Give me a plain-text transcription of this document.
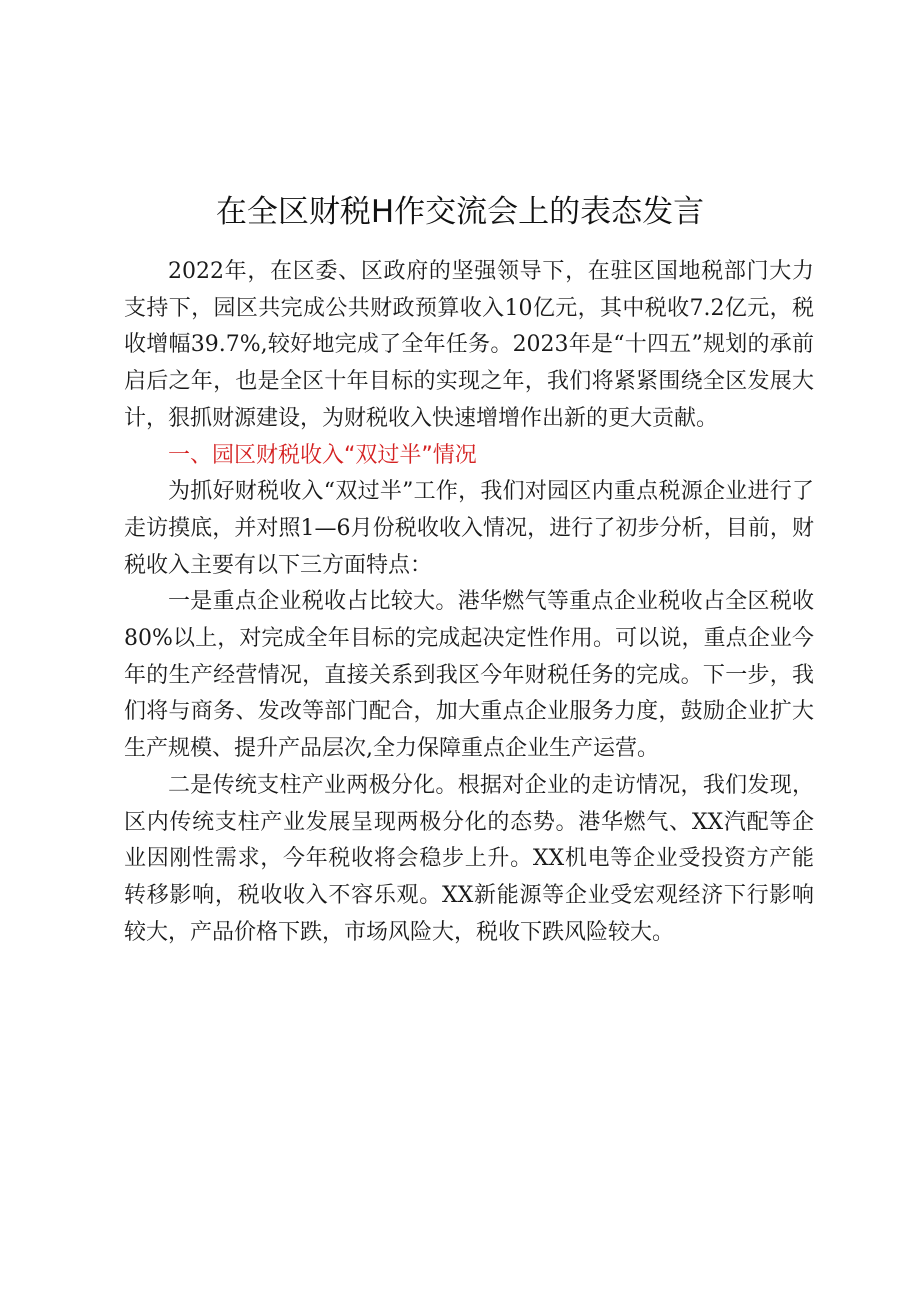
在全区财税H作交流会上的表态发言

2022年，在区委、区政府的坚强领导下，在驻区国地税部门大力支持下，园区共完成公共财政预算收入10亿元，其中税收7.2亿元，税收增幅39.7%,较好地完成了全年任务。2023年是“十四五”规划的承前启后之年，也是全区十年目标的实现之年，我们将紧紧围绕全区发展大计，狠抓财源建设，为财税收入快速增增作出新的更大贡献。

一、园区财税收入“双过半”情况

为抓好财税收入“双过半”工作，我们对园区内重点税源企业进行了走访摸底，并对照1—6月份税收收入情况，进行了初步分析，目前，财税收入主要有以下三方面特点：

一是重点企业税收占比较大。港华燃气等重点企业税收占全区税收80%以上，对完成全年目标的完成起决定性作用。可以说，重点企业今年的生产经营情况，直接关系到我区今年财税任务的完成。下一步，我们将与商务、发改等部门配合，加大重点企业服务力度，鼓励企业扩大生产规模、提升产品层次,全力保障重点企业生产运营。

二是传统支柱产业两极分化。根据对企业的走访情况，我们发现，区内传统支柱产业发展呈现两极分化的态势。港华燃气、XX汽配等企业因刚性需求，今年税收将会稳步上升。XX机电等企业受投资方产能转移影响，税收收入不容乐观。XX新能源等企业受宏观经济下行影响较大，产品价格下跌，市场风险大，税收下跌风险较大。
